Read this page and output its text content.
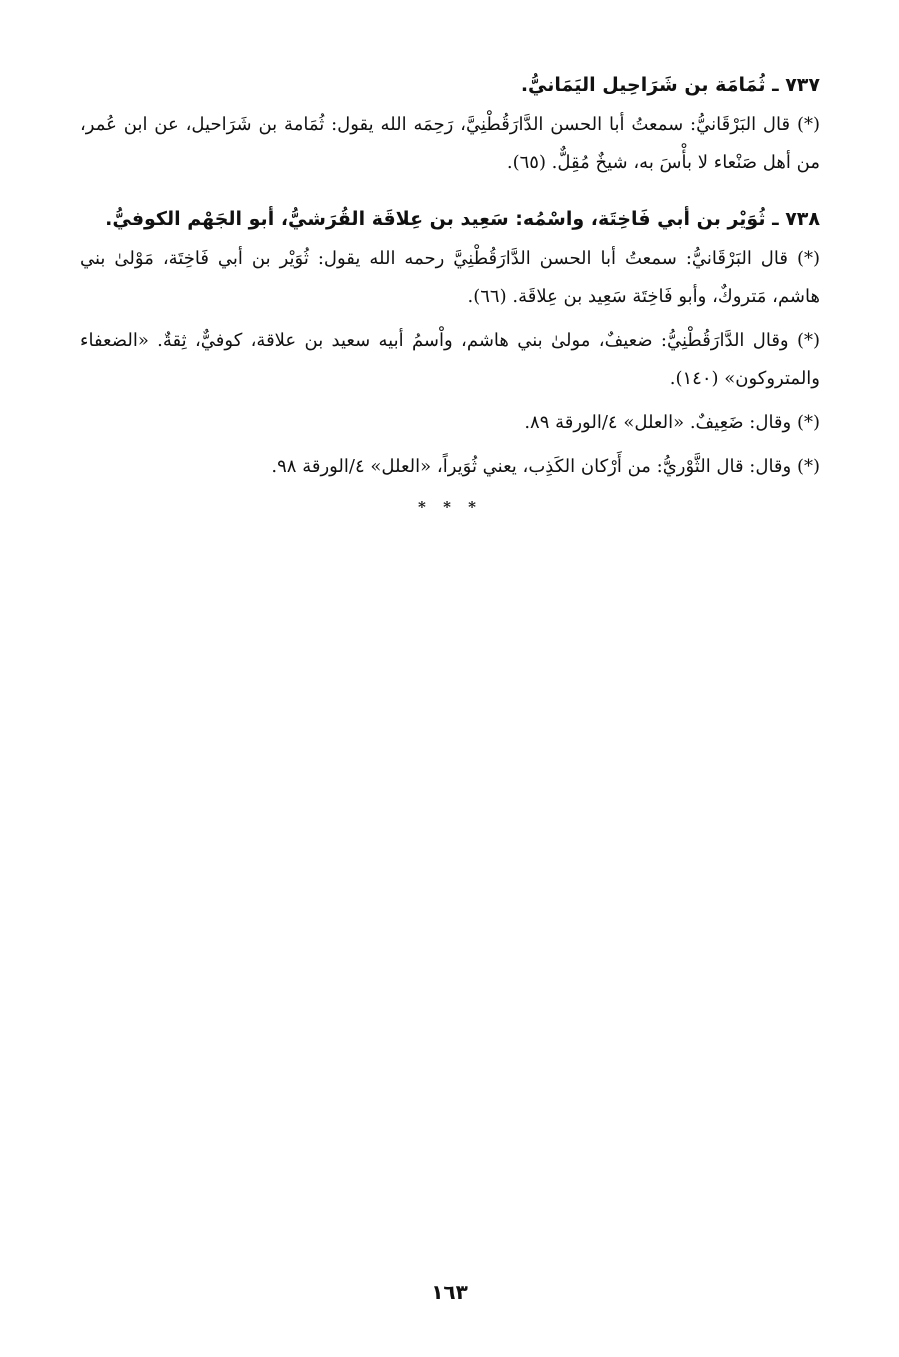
٧٣٧ ـ ثُمَامَة بن شَرَاحِيل اليَمَانيُّ.
(*) قال البَرْقَانيُّ: سمعتُ أبا الحسن الدَّارَقُطْنِيَّ، رَحِمَه الله يقول: ثُمَامة بن شَرَاحيل، عن ابن عُمر، من أهل صَنْعاء لا بأْسَ به، شيخٌ مُقِلٌّ. (٦٥).
٧٣٨ ـ ثُوَيْر بن أبي فَاخِتَة، واسْمُه: سَعِيد بن عِلاقَة القُرَشيُّ، أبو الجَهْم الكوفيُّ.
(*) قال البَرْقَانيُّ: سمعتُ أبا الحسن الدَّارَقُطْنِيَّ رحمه الله يقول: ثُوَيْر بن أبي فَاخِتَة، مَوْلىٰ بني هاشم، مَتروكٌ، وأبو فَاخِتَة سَعِيد بن عِلاقَة. (٦٦).
(*) وقال الدَّارَقُطْنِيُّ: ضعيفٌ، مولىٰ بني هاشم، واْسمُ أبيه سعيد بن علاقة، كوفيٌّ، ثِقةٌ. «الضعفاء والمتروكون» (١٤٠).
(*) وقال: ضَعِيفٌ. «العلل» ٤/الورقة ٨٩.
(*) وقال: قال الثَّوْريُّ: من أَرْكان الكَذِب، يعني ثُوَيراً، «العلل» ٤/الورقة ٩٨.
* * *
١٦٣
